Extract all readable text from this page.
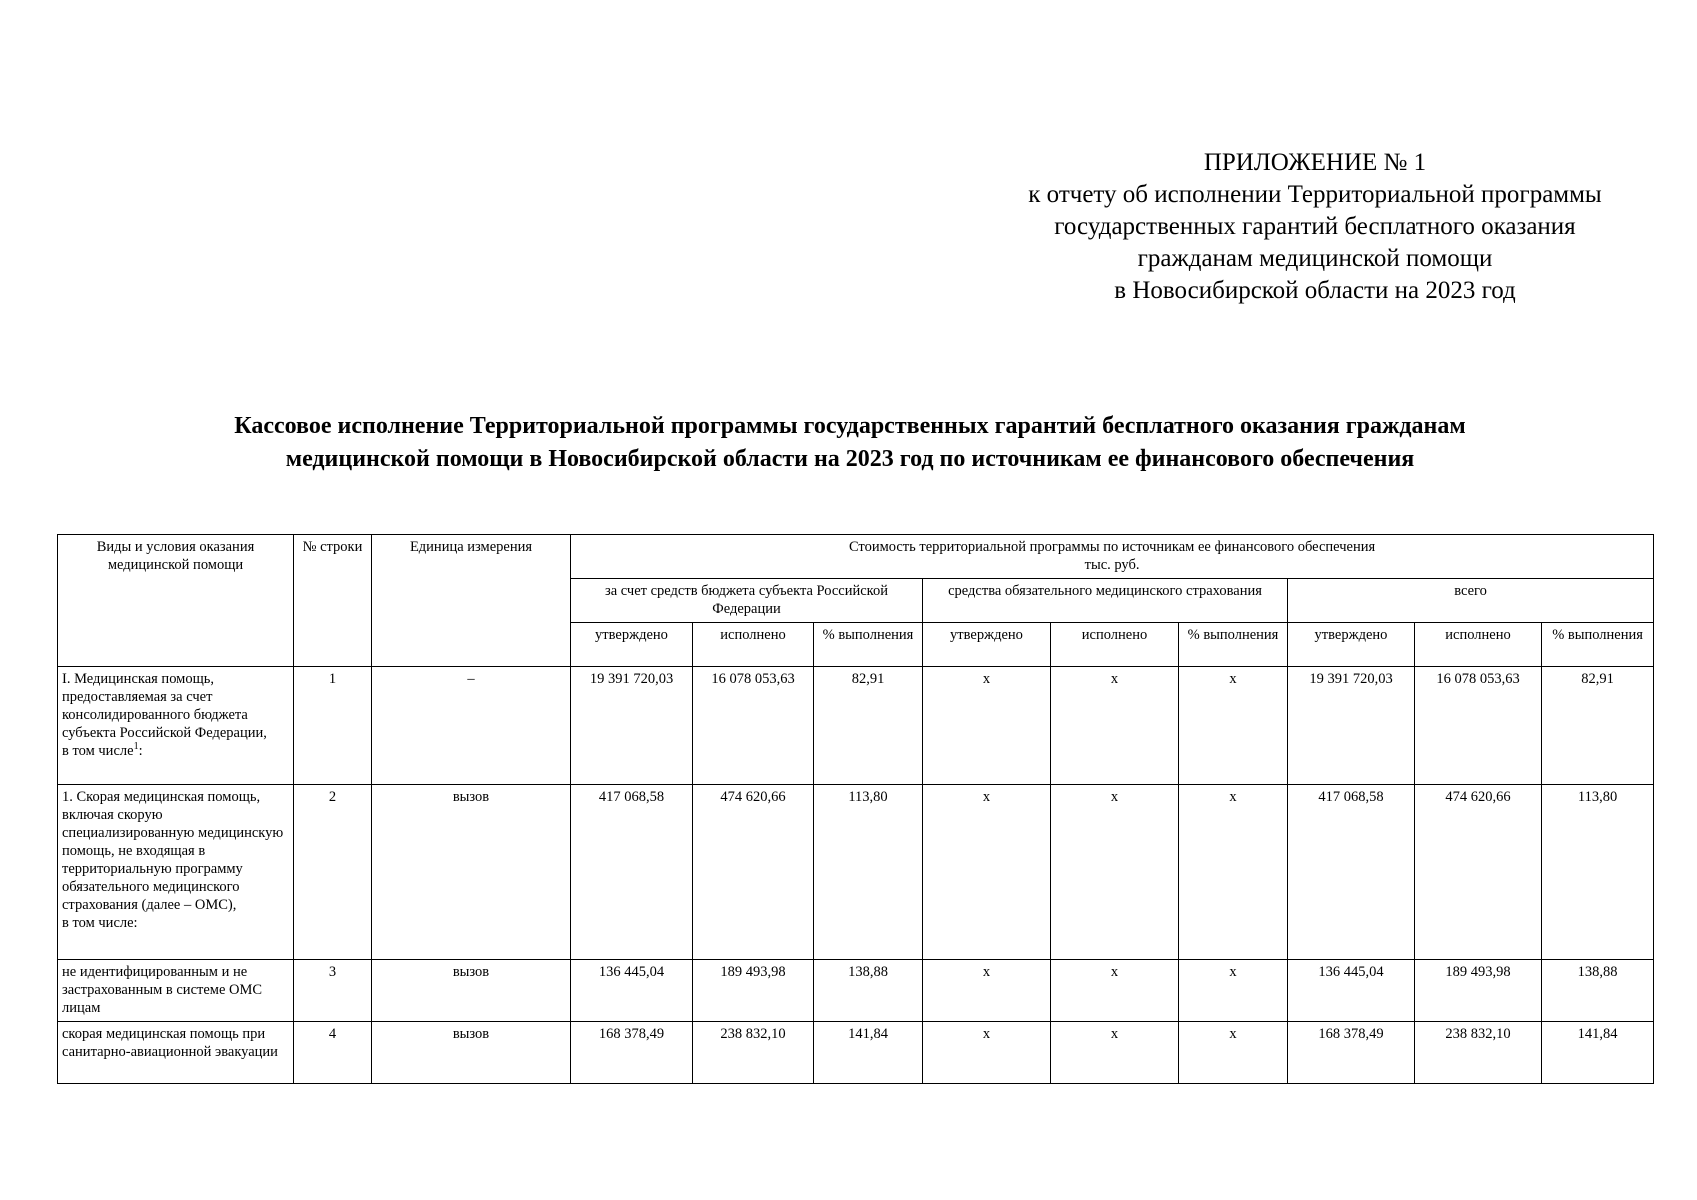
ПРИЛОЖЕНИЕ № 1
к отчету об исполнении Территориальной программы
государственных гарантий бесплатного оказания
гражданам медицинской помощи
в Новосибирской области на 2023 год
Кассовое исполнение Территориальной программы государственных гарантий бесплатного оказания гражданам
медицинской помощи в Новосибирской области на 2023 год по источникам ее финансового обеспечения
Виды и условия оказания медицинской помощи	№ строки	Единица измерения	Стоимость территориальной программы по источникам ее финансового обеспечения
тыс. руб.								

			за счет средств бюджета субъекта Российской Федерации			средства обязательного медицинского страхования			всего		
			утверждено	исполнено	% выполнения	утверждено	исполнено	% выполнения	утверждено	исполнено	% выполнения
I. Медицинская помощь, предоставляемая за счет консолидированного бюджета субъекта Российской Федерации,
в том числе$^1$:	1	–	19 391 720,03	16 078 053,63	82,91	х	х	х	19 391 720,03	16 078 053,63	82,91
1. Скорая медицинская помощь, включая скорую специализированную медицинскую помощь, не входящая в территориальную программу обязательного медицинского страхования (далее – ОМС),
в том числе:	2	вызов	417 068,58	474 620,66	113,80	х	х	х	417 068,58	474 620,66	113,80
не идентифицированным и не застрахованным в системе ОМС лицам	3	вызов	136 445,04	189 493,98	138,88	х	х	х	136 445,04	189 493,98	138,88
скорая медицинская помощь при санитарно-авиационной эвакуации	4	вызов	168 378,49	238 832,10	141,84	х	х	х	168 378,49	238 832,10	141,84
